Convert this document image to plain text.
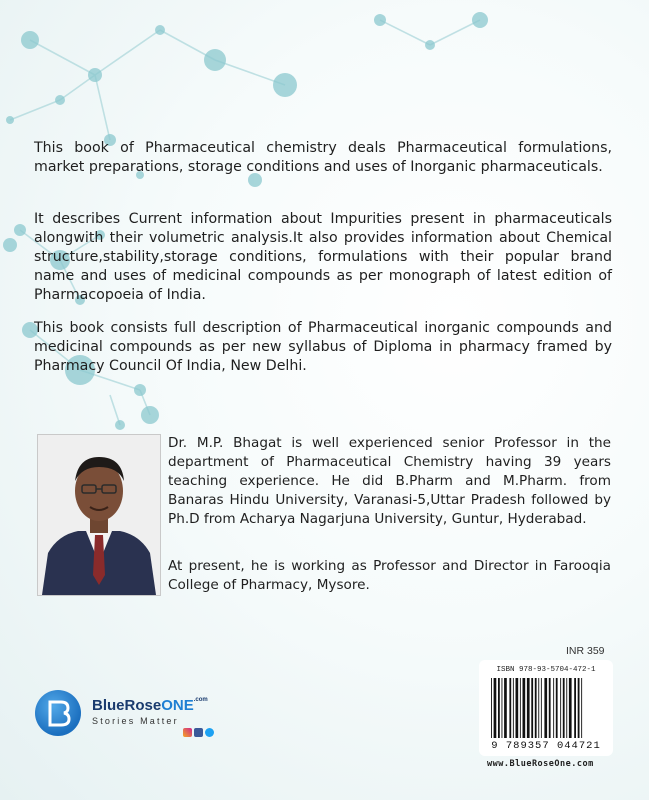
This book of Pharmaceutical chemistry deals Pharmaceutical formulations, market preparations, storage conditions and uses of Inorganic pharmaceuticals.
It describes Current information about Impurities present in pharmaceuticals alongwith their volumetric analysis.It also provides information about Chemical structure,stability,storage conditions, formulations with their popular brand name and uses of medicinal compounds as per monograph of latest edition of Pharmacopoeia of India.
This book consists full description of Pharmaceutical inorganic compounds and medicinal compounds as per new syllabus of Diploma in pharmacy framed by Pharmacy Council Of India, New Delhi.
Dr. M.P. Bhagat is well experienced senior Professor in the department of Pharmaceutical Chemistry having 39 years teaching experience. He did B.Pharm and M.Pharm. from Banaras Hindu University, Varanasi-5,Uttar Pradesh followed by Ph.D from Acharya Nagarjuna University, Guntur, Hyderabad.
At present, he is working as Professor and Director in Farooqia College of Pharmacy, Mysore.
INR 359
ISBN 978-93-5704-472-1
9 789357 044721
www.BlueRoseOne.com
BlueRoseONE$^{.com}$
Stories Matter
